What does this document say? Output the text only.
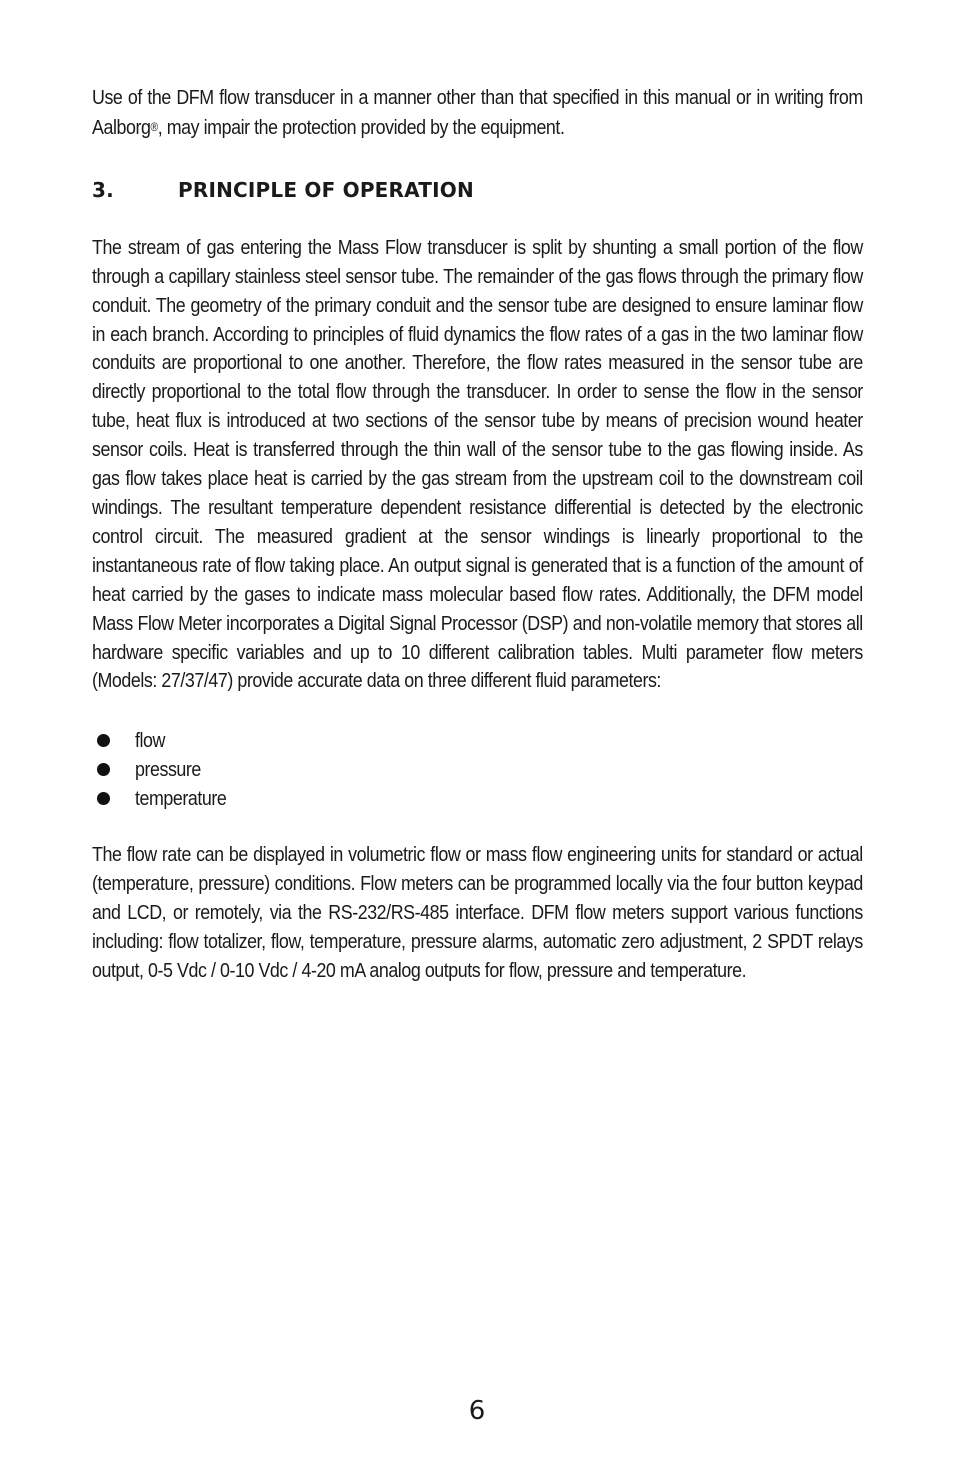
Use of the DFM flow transducer in a manner other than that specified in this manual or in writing from Aalborg®, may impair the protection provided by the equipment.

3.	PRINCIPLE OF OPERATION

The stream of gas entering the Mass Flow transducer is split by shunting a small portion of the flow through a capillary stainless steel sensor tube. The remainder of the gas flows through the primary flow conduit. The geometry of the primary conduit and the sensor tube are designed to ensure laminar flow in each branch. According to principles of fluid dynamics the flow rates of a gas in the two laminar flow conduits are proportional to one another. Therefore, the flow rates measured in the sensor tube are directly proportional to the total flow through the transducer. In order to sense the flow in the sensor tube, heat flux is introduced at two sections of the sensor tube by means of precision wound heater sensor coils. Heat is transferred through the thin wall of the sensor tube to the gas flowing inside. As gas flow takes place heat is carried by the gas stream from the upstream coil to the downstream coil windings. The resultant temperature dependent resistance differential is detected by the electronic control circuit. The measured gradient at the sensor windings is linearly proportional to the instantaneous rate of flow taking place. An output signal is generated that is a function of the amount of heat carried by the gases to indicate mass molecular based flow rates. Additionally, the DFM model Mass Flow Meter incorporates a Digital Signal Processor (DSP) and non-volatile memory that stores all hardware specific variables and up to 10 different calibration tables. Multi parameter flow meters (Models: 27/37/47) provide accurate data on three different fluid parameters:

flow
pressure
temperature

The flow rate can be displayed in volumetric flow or mass flow engineering units for standard or actual (temperature, pressure) conditions. Flow meters can be programmed locally via the four button keypad and LCD, or remotely, via the RS-232/RS-485 interface. DFM flow meters support various functions including: flow totalizer, flow, temperature, pressure alarms, automatic zero adjustment, 2 SPDT relays output, 0-5 Vdc / 0-10 Vdc / 4-20 mA analog outputs for flow, pressure and temperature.

6
